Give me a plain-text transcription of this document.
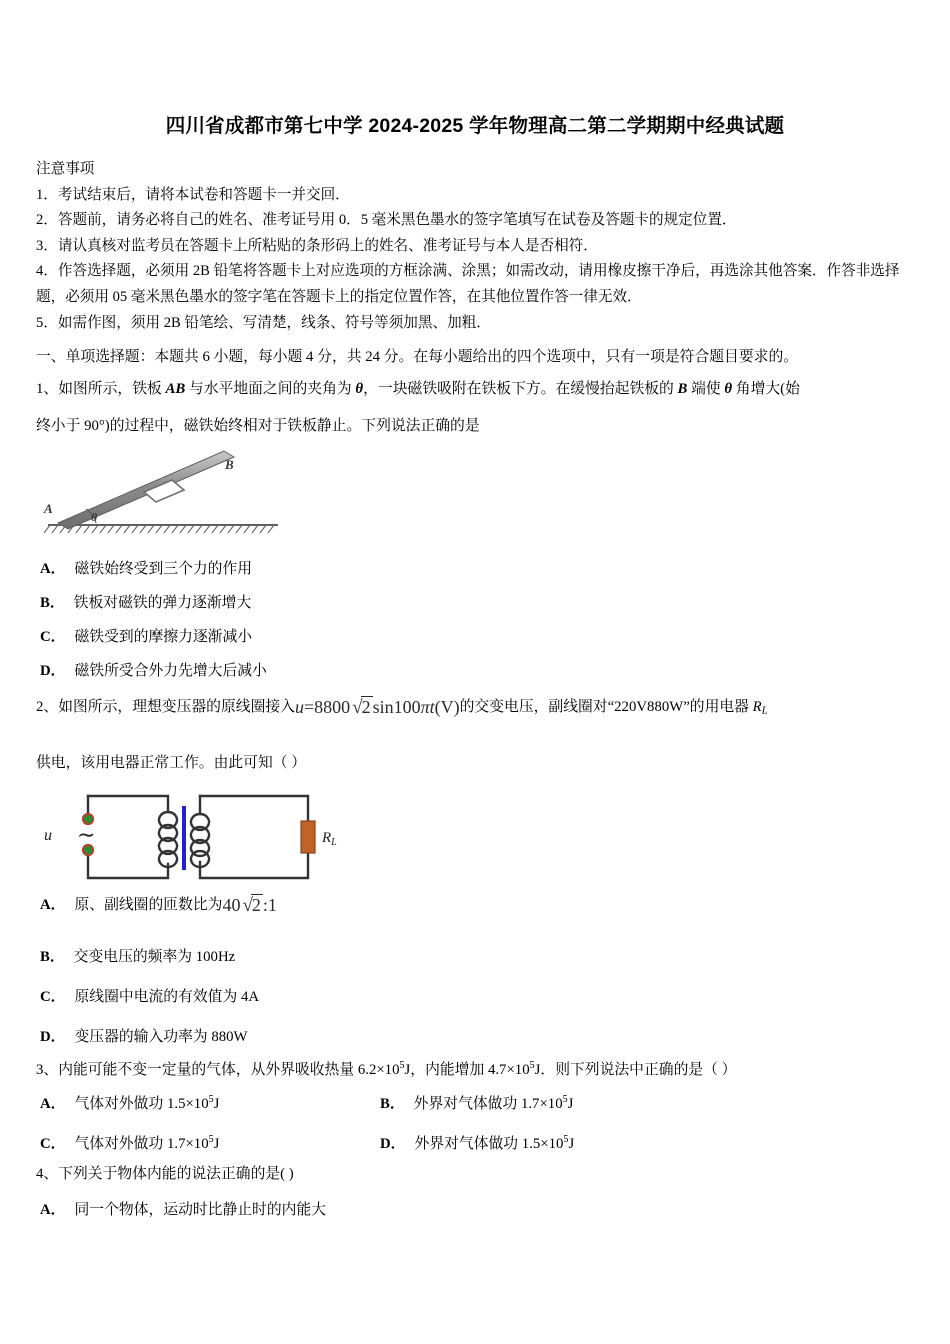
四川省成都市第七中学 2024-2025 学年物理高二第二学期期中经典试题
注意事项
1．考试结束后，请将本试卷和答题卡一并交回．
2．答题前，请务必将自己的姓名、准考证号用 0．5 毫米黑色墨水的签字笔填写在试卷及答题卡的规定位置．
3．请认真核对监考员在答题卡上所粘贴的条形码上的姓名、准考证号与本人是否相符．
4．作答选择题，必须用 2B 铅笔将答题卡上对应选项的方框涂满、涂黑；如需改动，请用橡皮擦干净后，再选涂其他答案．作答非选择题，必须用 05 毫米黑色墨水的签字笔在答题卡上的指定位置作答，在其他位置作答一律无效．
5．如需作图，须用 2B 铅笔绘、写清楚，线条、符号等须加黑、加粗．
一、单项选择题：本题共 6 小题，每小题 4 分，共 24 分。在每小题给出的四个选项中，只有一项是符合题目要求的。
1、如图所示，铁板 AB 与水平地面之间的夹角为 θ，一块磁铁吸附在铁板下方。在缓慢抬起铁板的 B 端使 θ 角增大(始
终小于 90°)的过程中，磁铁始终相对于铁板静止。下列说法正确的是
A
B
θ
A． 磁铁始终受到三个力的作用
B． 铁板对磁铁的弹力逐渐增大
C． 磁铁受到的摩擦力逐渐减小
D． 磁铁所受合外力先增大后减小
2、如图所示，理想变压器的原线圈接入u=8800 √2 sin100πt(V)的交变电压，副线圈对“220V880W”的用电器 $R_L$
供电，该用电器正常工作。由此可知（ ）
∼
u	$R_L$
A． 原、副线圈的匝数比为40 √2 :1
B． 交变电压的频率为 100Hz
C． 原线圈中电流的有效值为 4A
D． 变压器的输入功率为 880W
3、内能可能不变一定量的气体，从外界吸收热量 $6.2\times 10^5J$，内能增加 $4.7\times 10^5J$．则下列说法中正确的是（ ）
A． 气体对外做功 $1.5\times 10^5J$	B． 外界对气体做功 $1.7\times 10^5J$
C． 气体对外做功 $1.7\times 10^5J$	D． 外界对气体做功 $1.5\times 10^5J$
4、下列关于物体内能的说法正确的是( )
A． 同一个物体，运动时比静止时的内能大
